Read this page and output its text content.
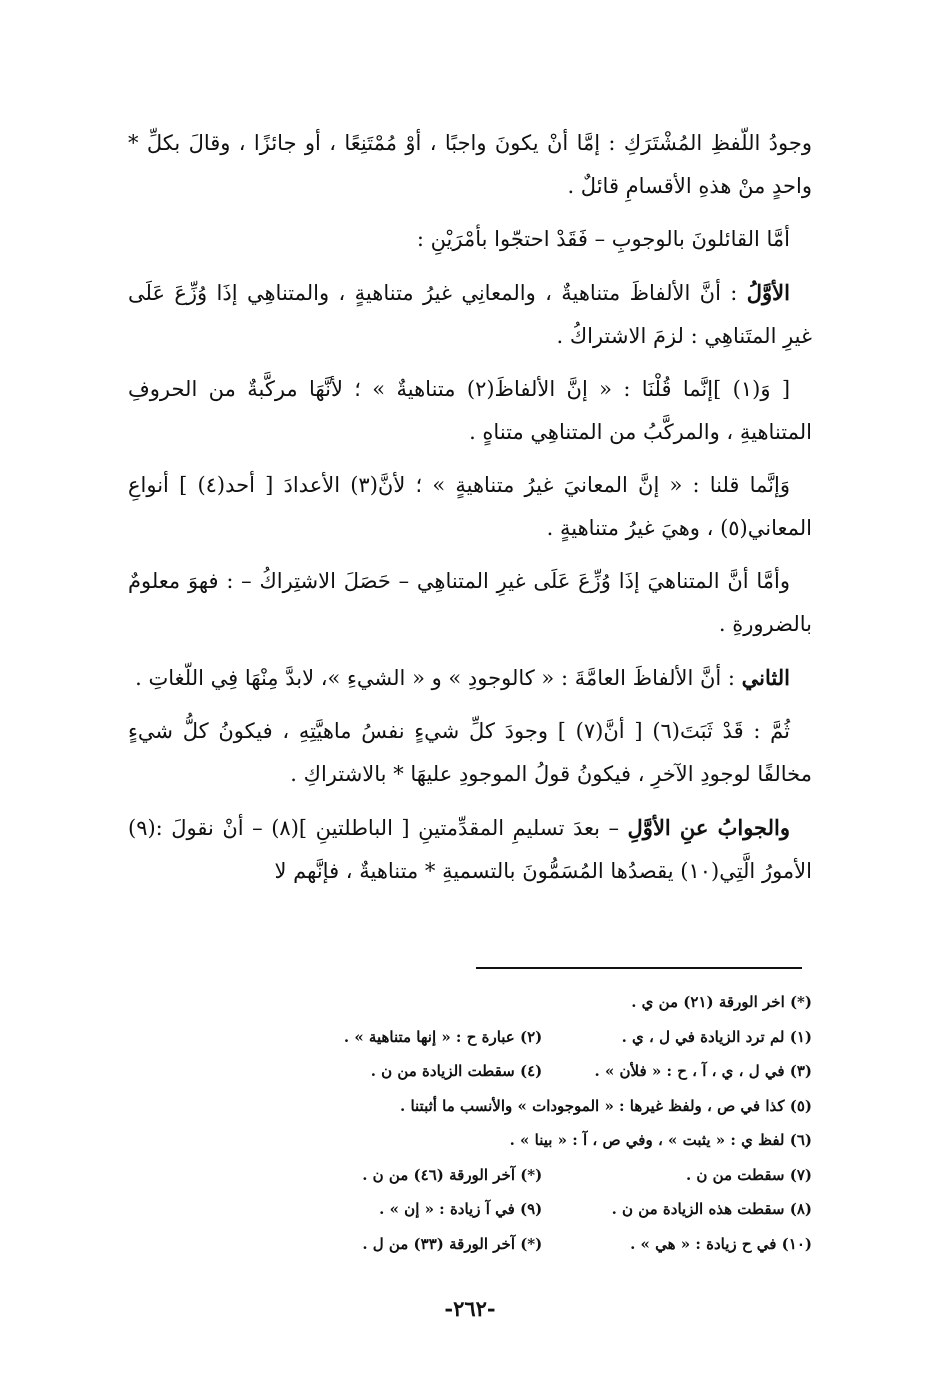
وجودُ اللّفظِ المُشْتَرَكِ : إمَّا أنْ يكونَ واجبًا ، أوْ مُمْتَنِعًا ، أو جائزًا ، وقالَ بكلِّ * واحدٍ منْ هذهِ الأقسامِ قائلٌ .

أمَّا القائلونَ بالوجوبِ – فَقَدْ احتجّوا بأمْرَيْنِ :

الأوَّلُ : أنَّ الألفاظَ متناهيةٌ ، والمعانِي غيرُ متناهيةٍ ، والمتناهِي إذَا وُزِّعَ عَلَى غيرِ المتَناهِي : لزمَ الاشتراكُ .

[ وَ(١) ]إنَّما قُلْنَا : « إنَّ الألفاظَ(٢) متناهيةٌ » ؛ لأنَّهَا مركَّبةٌ من الحروفِ المتناهيةِ ، والمركَّبُ من المتناهِي متناهٍ .

وَإنَّما قلنا : « إنَّ المعانيَ غيرُ متناهيةٍ » ؛ لأنَّ(٣) الأعدادَ [ أحد(٤) ] أنواعِ المعاني(٥) ، وهيَ غيرُ متناهيةٍ .

وأمَّا أنَّ المتناهيَ إذَا وُزِّعَ عَلَى غيرِ المتناهِي – حَصَلَ الاشتِراكُ – : فهوَ معلومٌ بالضرورةِ .

الثاني : أنَّ الألفاظَ العامَّةَ : « كالوجودِ » و « الشيءِ »، لابدَّ مِنْهَا فِي اللّغاتِ .

ثُمَّ : قَدْ ثَبَتَ(٦) [ أنَّ(٧) ] وجودَ كلِّ شيءٍ نفسُ ماهيَّتِهِ ، فيكونُ كلُّ شيءٍ مخالفًا لوجودِ الآخرِ ، فيكونُ قولُ الموجودِ عليهَا * بالاشتراكِ .

والجوابُ عنِ الأوَّلِ – بعدَ تسليمِ المقدِّمتينِ [ الباطلتينِ ](٨) – أنْ نقولَ :(٩) الأمورُ الَّتِي(١٠) يقصدُها المُسَمُّونَ بالتسميةِ * متناهيةٌ ، فإنَّهم لا

(*) اخر الورقة (٢١) من ي .
(١) لم ترد الزيادة في ل ، ي .
(٢) عبارة ح : « إنها متناهية » .
(٣) في ل ، ي ، آ ، ح : « فلأن » .
(٤) سقطت الزيادة من ن .
(٥) كذا في ص ، ولفظ غيرها : « الموجودات » والأنسب ما أثبتنا .
(٦) لفظ ي : « يثبت » ، وفي ص ، آ : « بينا » .
(٧) سقطت من ن .
(*) آخر الورقة (٤٦) من ن .
(٨) سقطت هذه الزيادة من ن .
(٩) في آ زيادة : « إن » .
(١٠) في ح زيادة : « هي » .
(*) آخر الورقة (٣٣) من ل .
-٢٦٢-
